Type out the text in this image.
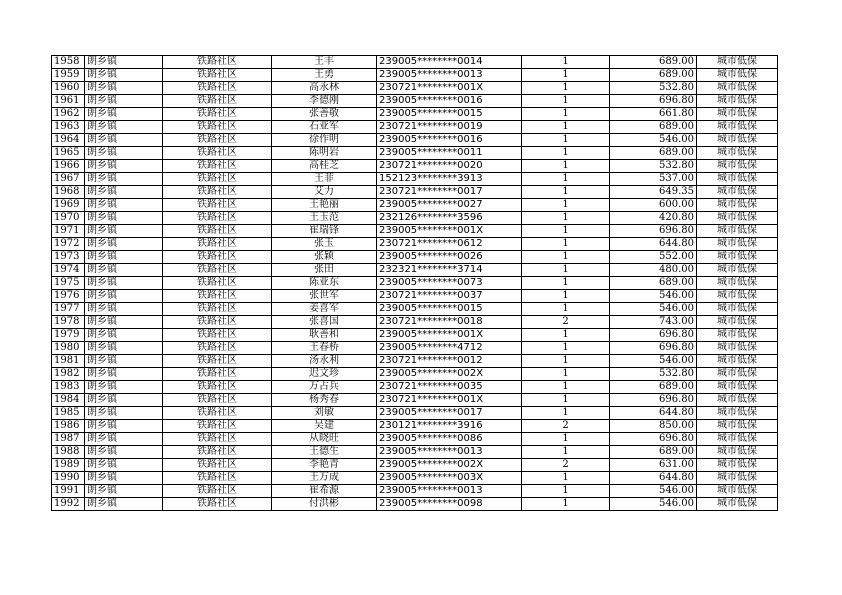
1958	朗乡镇	铁路社区	王丰	239005********0014	1	689.00	城市低保
1959	朗乡镇	铁路社区	王勇	239005********0013	1	689.00	城市低保
1960	朗乡镇	铁路社区	高永林	230721********001X	1	532.80	城市低保
1961	朗乡镇	铁路社区	李德刚	239005********0016	1	696.80	城市低保
1962	朗乡镇	铁路社区	张善敬	239005********0015	1	661.80	城市低保
1963	朗乡镇	铁路社区	石亚军	230721********0019	1	689.00	城市低保
1964	朗乡镇	铁路社区	徐作明	239005********0016	1	546.00	城市低保
1965	朗乡镇	铁路社区	陈明岩	239005********0011	1	689.00	城市低保
1966	朗乡镇	铁路社区	高桂芝	230721********0020	1	532.80	城市低保
1967	朗乡镇	铁路社区	王菲	152123********3913	1	537.00	城市低保
1968	朗乡镇	铁路社区	艾力	230721********0017	1	649.35	城市低保
1969	朗乡镇	铁路社区	王艳丽	239005********0027	1	600.00	城市低保
1970	朗乡镇	铁路社区	王玉范	232126********3596	1	420.80	城市低保
1971	朗乡镇	铁路社区	崔瑞锋	239005********001X	1	696.80	城市低保
1972	朗乡镇	铁路社区	张玉	230721********0612	1	644.80	城市低保
1973	朗乡镇	铁路社区	张颖	239005********0026	1	552.00	城市低保
1974	朗乡镇	铁路社区	张田	232321********3714	1	480.00	城市低保
1975	朗乡镇	铁路社区	陈亚东	239005********0073	1	689.00	城市低保
1976	朗乡镇	铁路社区	张世军	230721********0037	1	546.00	城市低保
1977	朗乡镇	铁路社区	姜喜军	239005********0015	1	546.00	城市低保
1978	朗乡镇	铁路社区	张喜国	230721********0018	2	743.00	城市低保
1979	朗乡镇	铁路社区	耿善和	239005********001X	1	696.80	城市低保
1980	朗乡镇	铁路社区	王春桥	239005********4712	1	696.80	城市低保
1981	朗乡镇	铁路社区	汤永利	230721********0012	1	546.00	城市低保
1982	朗乡镇	铁路社区	迟文珍	239005********002X	1	532.80	城市低保
1983	朗乡镇	铁路社区	万占兵	230721********0035	1	689.00	城市低保
1984	朗乡镇	铁路社区	杨秀春	230721********001X	1	696.80	城市低保
1985	朗乡镇	铁路社区	刘敏	239005********0017	1	644.80	城市低保
1986	朗乡镇	铁路社区	吴建	230121********3916	2	850.00	城市低保
1987	朗乡镇	铁路社区	从晓旺	239005********0086	1	696.80	城市低保
1988	朗乡镇	铁路社区	王德生	239005********0013	1	689.00	城市低保
1989	朗乡镇	铁路社区	李艳青	239005********002X	2	631.00	城市低保
1990	朗乡镇	铁路社区	王万成	239005********003X	1	644.80	城市低保
1991	朗乡镇	铁路社区	崔希源	239005********0013	1	546.00	城市低保
1992	朗乡镇	铁路社区	付洪彬	239005********0098	1	546.00	城市低保
